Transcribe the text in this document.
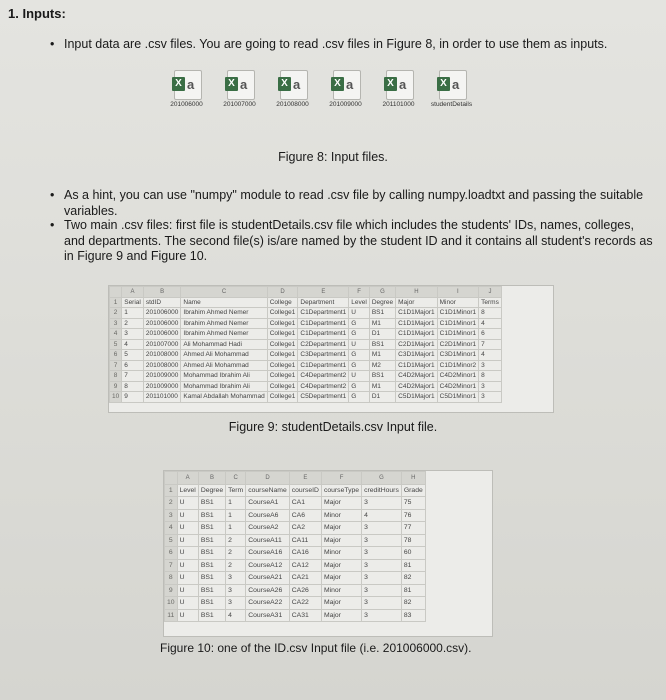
1. Inputs:
• Input data are .csv files. You are going to read .csv files in Figure 8, in order to use them as inputs.
X a
201006000
X a
201007000
X a
201008000
X a
201009000
X a
201101000
X a
studentDetails
Figure 8: Input files.
• As a hint, you can use "numpy" module to read .csv file by calling numpy.loadtxt and passing the suitable variables.
• Two main .csv files: first file is studentDetails.csv file which includes the students' IDs, names, colleges, and departments. The second file(s) is/are named by the student ID and it contains all student's records as in Figure 9 and Figure 10.
	A	B	C	D	E	F	G	H	I	J
1	Serial	stdID	Name	College	Department	Level	Degree	Major	Minor	Terms
2	1	201006000	Ibrahim Ahmed Nemer	College1	C1Department1	U	BS1	C1D1Major1	C1D1Minor1	8
3	2	201006000	Ibrahim Ahmed Nemer	College1	C1Department1	G	M1	C1D1Major1	C1D1Minor1	4
4	3	201006000	Ibrahim Ahmed Nemer	College1	C1Department1	G	D1	C1D1Major1	C1D1Minor1	6
5	4	201007000	Ali Mohammad Hadi	College1	C2Department1	U	BS1	C2D1Major1	C2D1Minor1	7
6	5	201008000	Ahmed Ali Mohammad	College1	C3Department1	G	M1	C3D1Major1	C3D1Minor1	4
7	6	201008000	Ahmed Ali Mohammad	College1	C1Department1	G	M2	C1D1Major1	C1D1Minor2	3
8	7	201009000	Mohammad Ibrahim Ali	College1	C4Department2	U	BS1	C4D2Major1	C4D2Minor1	8
9	8	201009000	Mohammad Ibrahim Ali	College1	C4Department2	G	M1	C4D2Major1	C4D2Minor1	3
10	9	201101000	Kamal Abdallah Mohammad	College1	C5Department1	G	D1	C5D1Major1	C5D1Minor1	3
Figure 9: studentDetails.csv Input file.
	A	B	C	D	E	F	G	H
1	Level	Degree	Term	courseName	courseID	courseType	creditHours	Grade
2	U	BS1	1	CourseA1	CA1	Major	3	75
3	U	BS1	1	CourseA6	CA6	Minor	4	76
4	U	BS1	1	CourseA2	CA2	Major	3	77
5	U	BS1	2	CourseA11	CA11	Major	3	78
6	U	BS1	2	CourseA16	CA16	Minor	3	60
7	U	BS1	2	CourseA12	CA12	Major	3	81
8	U	BS1	3	CourseA21	CA21	Major	3	82
9	U	BS1	3	CourseA26	CA26	Minor	3	81
10	U	BS1	3	CourseA22	CA22	Major	3	82
11	U	BS1	4	CourseA31	CA31	Major	3	83
Figure 10: one of the ID.csv Input file (i.e. 201006000.csv).
